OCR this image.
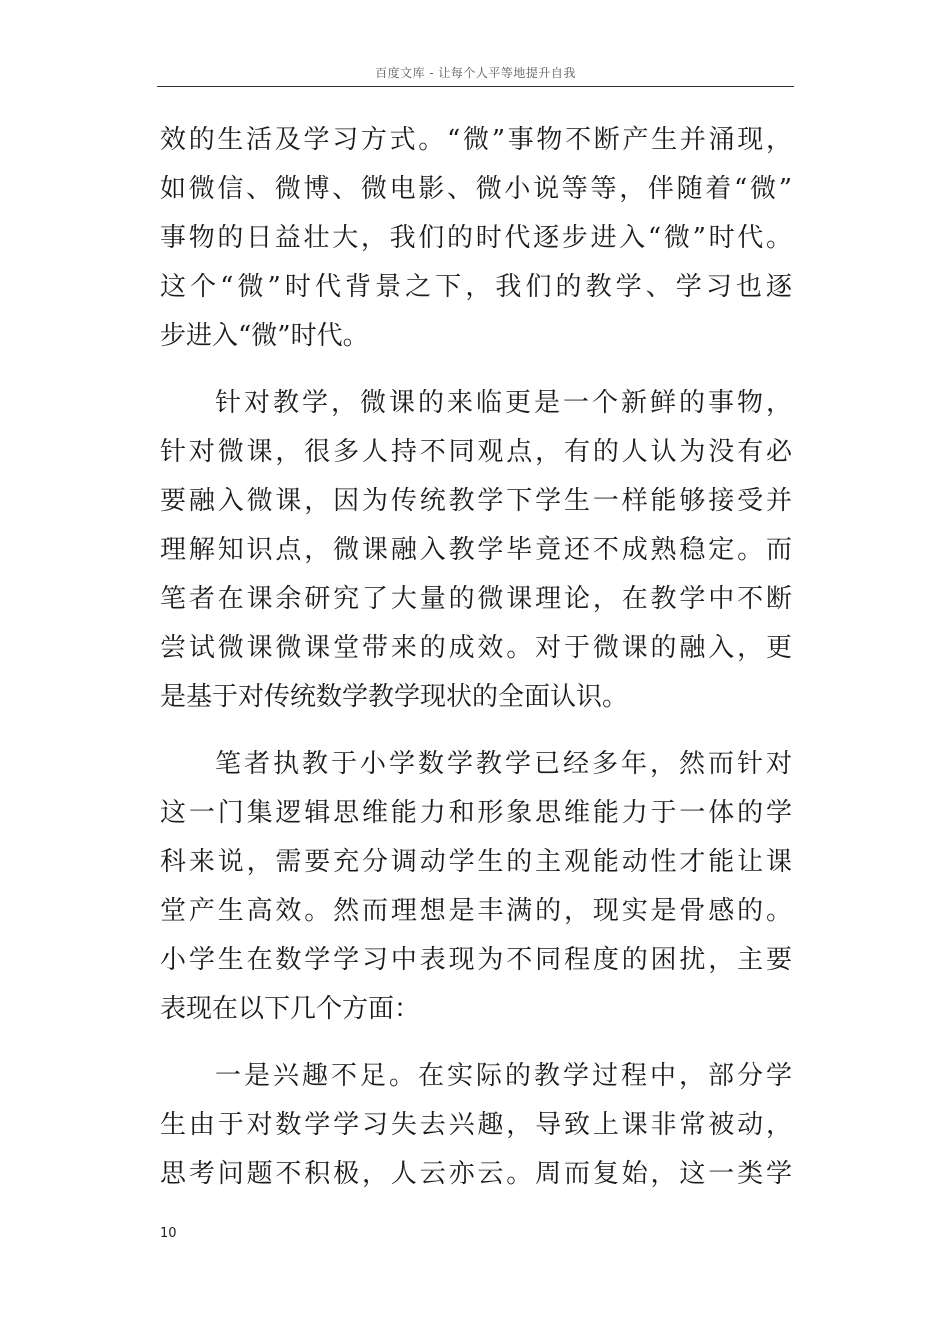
百度文库 - 让每个人平等地提升自我
效的生活及学习方式。“微”事物不断产生并涌现，
如微信、微博、微电影、微小说等等，伴随着“微”
事物的日益壮大，我们的时代逐步进入“微”时代。
这个“微”时代背景之下，我们的教学、学习也逐
步进入“微”时代。
针对教学，微课的来临更是一个新鲜的事物，
针对微课，很多人持不同观点，有的人认为没有必
要融入微课，因为传统教学下学生一样能够接受并
理解知识点，微课融入教学毕竟还不成熟稳定。而
笔者在课余研究了大量的微课理论，在教学中不断
尝试微课微课堂带来的成效。对于微课的融入，更
是基于对传统数学教学现状的全面认识。
笔者执教于小学数学教学已经多年，然而针对
这一门集逻辑思维能力和形象思维能力于一体的学
科来说，需要充分调动学生的主观能动性才能让课
堂产生高效。然而理想是丰满的，现实是骨感的。
小学生在数学学习中表现为不同程度的困扰，主要
表现在以下几个方面：
一是兴趣不足。在实际的教学过程中，部分学
生由于对数学学习失去兴趣，导致上课非常被动，
思考问题不积极，人云亦云。周而复始，这一类学
10
